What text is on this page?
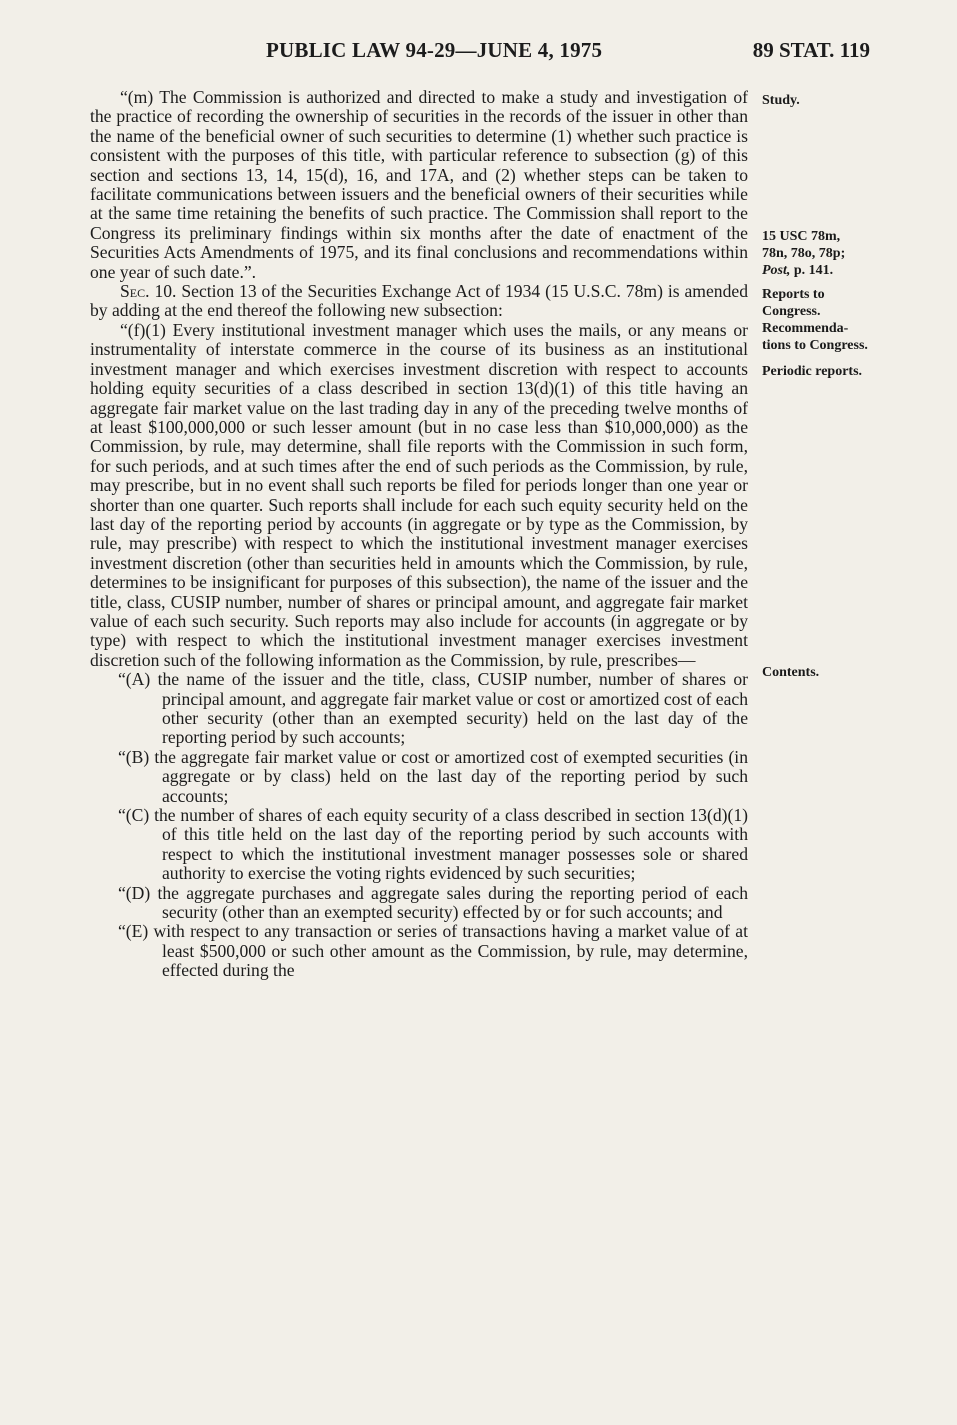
PUBLIC LAW 94-29—JUNE 4, 1975	89 STAT. 119

“(m) The Commission is authorized and directed to make a study and investigation of the practice of recording the ownership of securities in the records of the issuer in other than the name of the beneficial owner of such securities to determine (1) whether such practice is consistent with the purposes of this title, with particular reference to subsection (g) of this section and sections 13, 14, 15(d), 16, and 17A, and (2) whether steps can be taken to facilitate communications between issuers and the beneficial owners of their securities while at the same time retaining the benefits of such practice. The Commission shall report to the Congress its preliminary findings within six months after the date of enactment of the Securities Acts Amendments of 1975, and its final conclusions and recommendations within one year of such date.”.

Sec. 10. Section 13 of the Securities Exchange Act of 1934 (15 U.S.C. 78m) is amended by adding at the end thereof the following new subsection:

“(f)(1) Every institutional investment manager which uses the mails, or any means or instrumentality of interstate commerce in the course of its business as an institutional investment manager and which exercises investment discretion with respect to accounts holding equity securities of a class described in section 13(d)(1) of this title having an aggregate fair market value on the last trading day in any of the preceding twelve months of at least $100,000,000 or such lesser amount (but in no case less than $10,000,000) as the Commission, by rule, may determine, shall file reports with the Commission in such form, for such periods, and at such times after the end of such periods as the Commission, by rule, may prescribe, but in no event shall such reports be filed for periods longer than one year or shorter than one quarter. Such reports shall include for each such equity security held on the last day of the reporting period by accounts (in aggregate or by type as the Commission, by rule, may prescribe) with respect to which the institutional investment manager exercises investment discretion (other than securities held in amounts which the Commission, by rule, determines to be insignificant for purposes of this subsection), the name of the issuer and the title, class, CUSIP number, number of shares or principal amount, and aggregate fair market value of each such security. Such reports may also include for accounts (in aggregate or by type) with respect to which the institutional investment manager exercises investment discretion such of the following information as the Commission, by rule, prescribes—

“(A) the name of the issuer and the title, class, CUSIP number, number of shares or principal amount, and aggregate fair market value or cost or amortized cost of each other security (other than an exempted security) held on the last day of the reporting period by such accounts;

“(B) the aggregate fair market value or cost or amortized cost of exempted securities (in aggregate or by class) held on the last day of the reporting period by such accounts;

“(C) the number of shares of each equity security of a class described in section 13(d)(1) of this title held on the last day of the reporting period by such accounts with respect to which the institutional investment manager possesses sole or shared authority to exercise the voting rights evidenced by such securities;

“(D) the aggregate purchases and aggregate sales during the reporting period of each security (other than an exempted security) effected by or for such accounts; and

“(E) with respect to any transaction or series of transactions having a market value of at least $500,000 or such other amount as the Commission, by rule, may determine, effected during the

Study.
15 USC 78m,
78n, 78o, 78p;
Post, p. 141.
Reports to
Congress.
Recommenda-
tions to Congress.
Periodic reports.
Contents.
